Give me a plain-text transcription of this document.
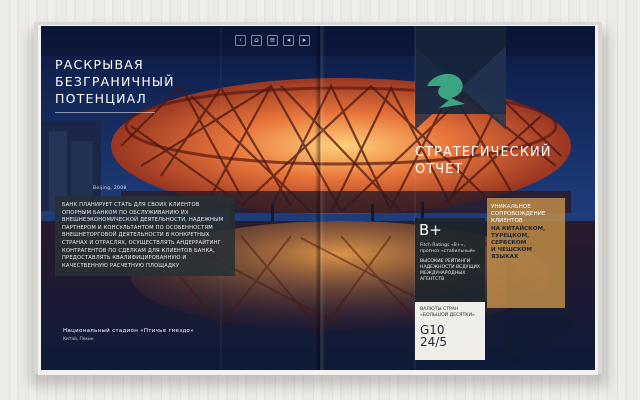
‹	⌂	≡	◂	▸
РАСКРЫВАЯ
БЕЗГРАНИЧНЫЙ
ПОТЕНЦИАЛ
Beijing, 2008
БАНК ПЛАНИРУЕТ СТАТЬ ДЛЯ СВОИХ КЛИЕНТОВ ОПОРНЫМ БАНКОМ ПО ОБСЛУЖИВАНИЮ ИХ ВНЕШНЕЭКОНОМИЧЕСКОЙ ДЕЯТЕЛЬНОСТИ, НАДЕЖНЫМ ПАРТНЕРОМ И КОНСУЛЬТАНТОМ ПО ОСОБЕННОСТЯМ ВНЕШНЕТОРГОВОЙ ДЕЯТЕЛЬНОСТИ В КОНКРЕТНЫХ СТРАНАХ И ОТРАСЛЯХ, ОСУЩЕСТВЛЯТЬ АНДЕРРАЙТИНГ КОНТРАГЕНТОВ ПО СДЕЛКАМ ДЛЯ КЛИЕНТОВ БАНКА, ПРЕДОСТАВЛЯТЬ КВАЛИФИЦИРОВАННУЮ И КАЧЕСТВЕННУЮ РАСЧЕТНУЮ ПЛОЩАДКУ
Национальный стадион «Птичье гнездо»
Китай, Пекин
СТРАТЕГИЧЕСКИЙ
ОТЧЕТ
B+
Fitch Ratings «B+», прогноз «стабильный»
ВЫСОКИЕ РЕЙТИНГИ НАДЕЖНОСТИ ВЕДУЩИХ МЕЖДУНАРОДНЫХ АГЕНТСТВ
ВАЛЮТЫ СТРАН «БОЛЬШОЙ ДЕСЯТКИ»
G10
24/5
УНИКАЛЬНОЕ
СОПРОВОЖДЕНИЕ
КЛИЕНТОВ
НА КИТАЙСКОМ,
ТУРЕЦКОМ,
СЕРБСКОМ
И ЧЕШСКОМ
ЯЗЫКАХ
